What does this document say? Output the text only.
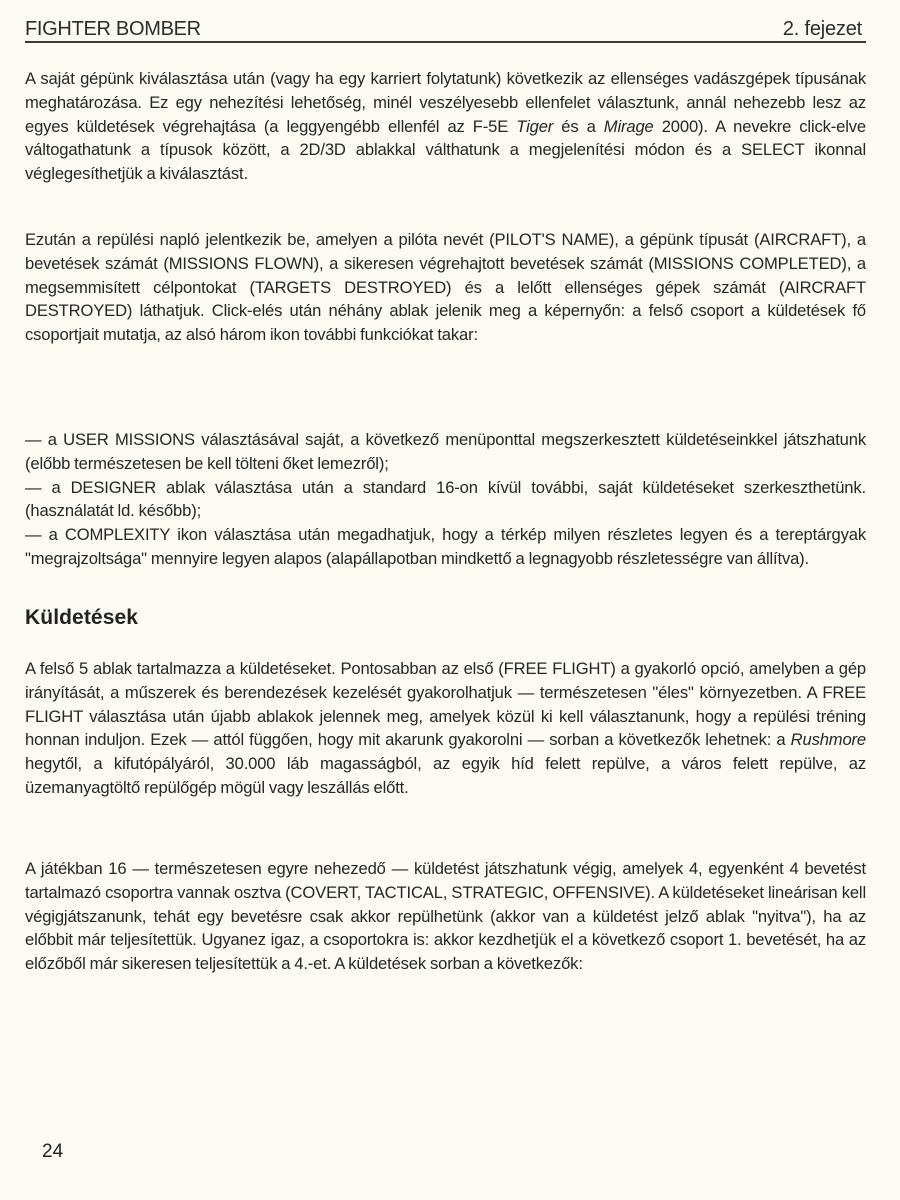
FIGHTER BOMBER	2. fejezet

A saját gépünk kiválasztása után (vagy ha egy karriert folytatunk) következik az ellenséges vadászgépek típusának meghatározása. Ez egy nehezítési lehetőség, minél veszélyesebb ellenfelet választunk, annál nehezebb lesz az egyes küldetések végrehajtása (a leggyengébb ellenfél az F-5E Tiger és a Mirage 2000). A nevekre click-elve váltogathatunk a típusok között, a 2D/3D ablakkal válthatunk a megjelenítési módon és a SELECT ikonnal véglegesíthetjük a kiválasztást.

Ezután a repülési napló jelentkezik be, amelyen a pilóta nevét (PILOT'S NAME), a gépünk típusát (AIRCRAFT), a bevetések számát (MISSIONS FLOWN), a sikeresen végrehajtott bevetések számát (MISSIONS COMPLETED), a megsemmisített célpontokat (TARGETS DESTROYED) és a lelőtt ellenséges gépek számát (AIRCRAFT DESTROYED) láthatjuk. Click-elés után néhány ablak jelenik meg a képernyőn: a felső csoport a küldetések fő csoportjait mutatja, az alsó három ikon további funkciókat takar:

— a USER MISSIONS választásával saját, a következő menüponttal megszerkesztett küldetéseinkkel játszhatunk (előbb természetesen be kell tölteni őket lemezről);

— a DESIGNER ablak választása után a standard 16-on kívül további, saját küldetéseket szerkeszthetünk. (használatát ld. később);

— a COMPLEXITY ikon választása után megadhatjuk, hogy a térkép milyen részletes legyen és a tereptárgyak "megrajzoltsága" mennyire legyen alapos (alapállapotban mindkettő a legnagyobb részletességre van állítva).

Küldetések

A felső 5 ablak tartalmazza a küldetéseket. Pontosabban az első (FREE FLIGHT) a gyakorló opció, amelyben a gép irányítását, a műszerek és berendezések kezelését gyakorolhatjuk — természetesen "éles" környezetben. A FREE FLIGHT választása után újabb ablakok jelennek meg, amelyek közül ki kell választanunk, hogy a repülési tréning honnan induljon. Ezek — attól függően, hogy mit akarunk gyakorolni — sorban a következők lehetnek: a Rushmore hegytől, a kifutópályáról, 30.000 láb magasságból, az egyik híd felett repülve, a város felett repülve, az üzemanyagtöltő repülőgép mögül vagy leszállás előtt.

A játékban 16 — természetesen egyre nehezedő — küldetést játszhatunk végig, amelyek 4, egyenként 4 bevetést tartalmazó csoportra vannak osztva (COVERT, TACTICAL, STRATEGIC, OFFENSIVE). A küldetéseket lineárisan kell végigjátszanunk, tehát egy bevetésre csak akkor repülhetünk (akkor van a küldetést jelző ablak "nyitva"), ha az előbbit már teljesítettük. Ugyanez igaz, a csoportokra is: akkor kezdhetjük el a következő csoport 1. bevetését, ha az előzőből már sikeresen teljesítettük a 4.-et. A küldetések sorban a következők:

24
